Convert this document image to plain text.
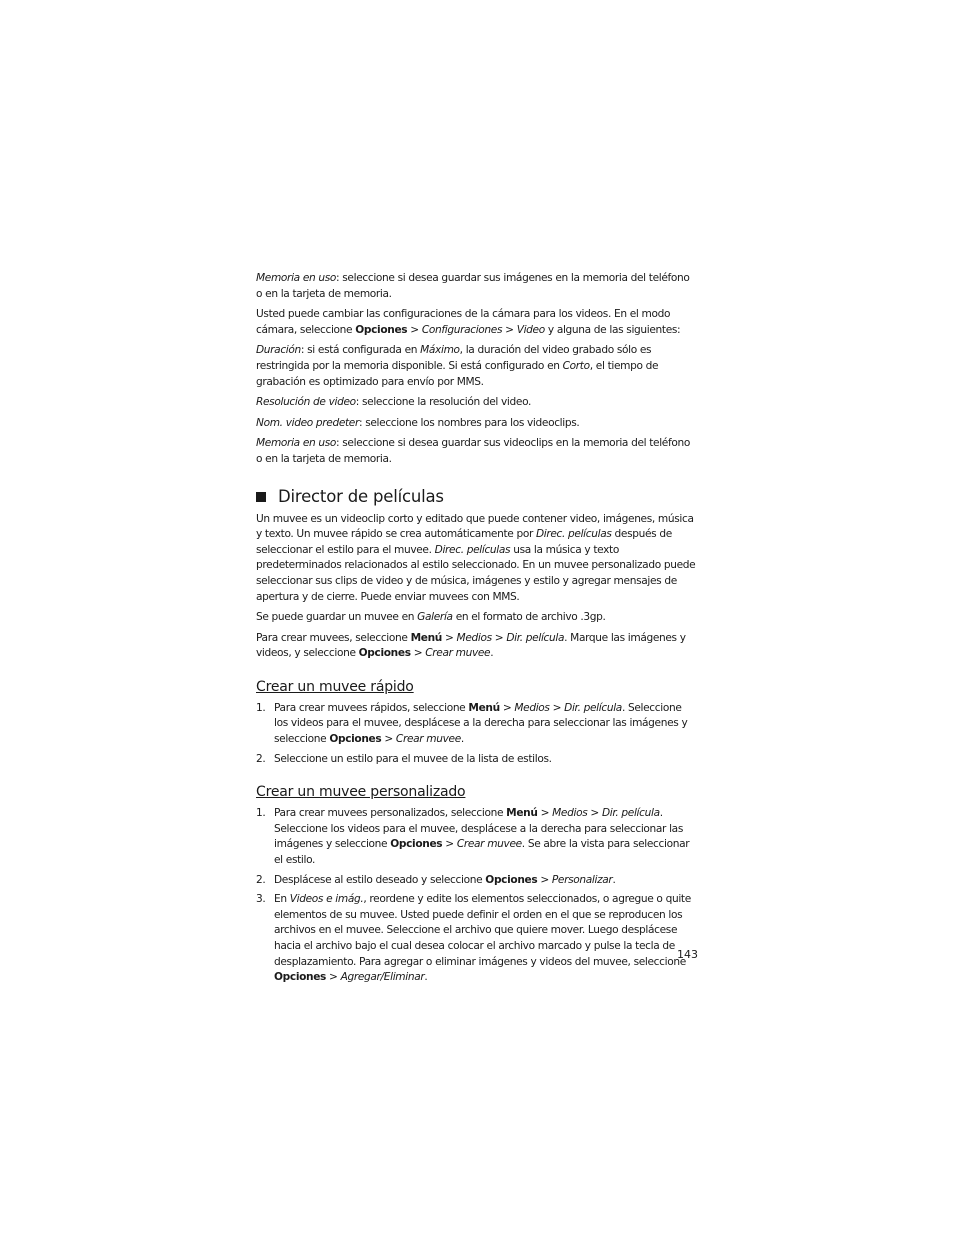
Memoria en uso: seleccione si desea guardar sus imágenes en la memoria del teléfono o en la tarjeta de memoria.

Usted puede cambiar las configuraciones de la cámara para los videos. En el modo cámara, seleccione Opciones > Configuraciones > Video y alguna de las siguientes:

Duración: si está configurada en Máximo, la duración del video grabado sólo es restringida por la memoria disponible. Si está configurado en Corto, el tiempo de grabación es optimizado para envío por MMS.

Resolución de video: seleccione la resolución del video.

Nom. video predeter: seleccione los nombres para los videoclips.

Memoria en uso: seleccione si desea guardar sus videoclips en la memoria del teléfono o en la tarjeta de memoria.

Director de películas

Un muvee es un videoclip corto y editado que puede contener video, imágenes, música y texto. Un muvee rápido se crea automáticamente por Direc. películas después de seleccionar el estilo para el muvee. Direc. películas usa la música y texto predeterminados relacionados al estilo seleccionado. En un muvee personalizado puede seleccionar sus clips de video y de música, imágenes y estilo y agregar mensajes de apertura y de cierre. Puede enviar muvees con MMS.

Se puede guardar un muvee en Galería en el formato de archivo .3gp.

Para crear muvees, seleccione Menú > Medios > Dir. película. Marque las imágenes y videos, y seleccione Opciones > Crear muvee.

Crear un muvee rápido
1. Para crear muvees rápidos, seleccione Menú > Medios > Dir. película. Seleccione los videos para el muvee, desplácese a la derecha para seleccionar las imágenes y seleccione Opciones > Crear muvee.
2. Seleccione un estilo para el muvee de la lista de estilos.
Crear un muvee personalizado
1. Para crear muvees personalizados, seleccione Menú > Medios > Dir. película. Seleccione los videos para el muvee, desplácese a la derecha para seleccionar las imágenes y seleccione Opciones > Crear muvee. Se abre la vista para seleccionar el estilo.
2. Desplácese al estilo deseado y seleccione Opciones > Personalizar.
3. En Videos e imág., reordene y edite los elementos seleccionados, o agregue o quite elementos de su muvee. Usted puede definir el orden en el que se reproducen los archivos en el muvee. Seleccione el archivo que quiere mover. Luego desplácese hacia el archivo bajo el cual desea colocar el archivo marcado y pulse la tecla de desplazamiento. Para agregar o eliminar imágenes y videos del muvee, seleccione Opciones > Agregar/Eliminar.
143
